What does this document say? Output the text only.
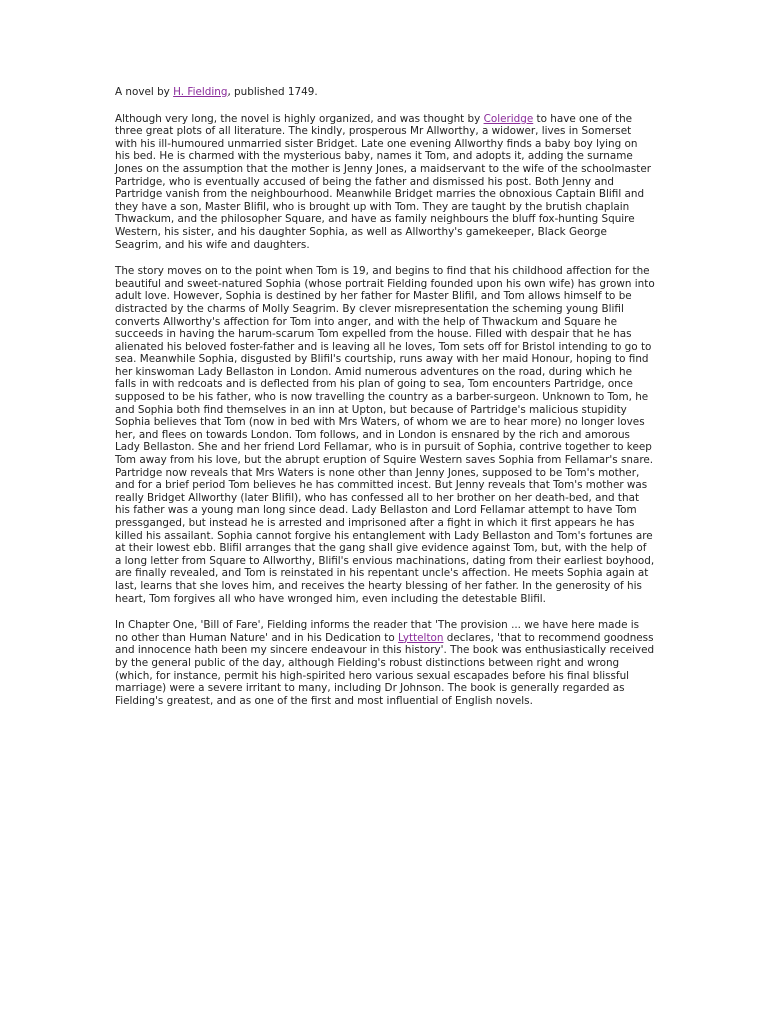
A novel by H. Fielding, published 1749.

Although very long, the novel is highly organized, and was thought by Coleridge to have one of the three great plots of all literature. The kindly, prosperous Mr Allworthy, a widower, lives in Somerset with his ill-humoured unmarried sister Bridget. Late one evening Allworthy finds a baby boy lying on his bed. He is charmed with the mysterious baby, names it Tom, and adopts it, adding the surname Jones on the assumption that the mother is Jenny Jones, a maidservant to the wife of the schoolmaster Partridge, who is eventually accused of being the father and dismissed his post. Both Jenny and Partridge vanish from the neighbourhood. Meanwhile Bridget marries the obnoxious Captain Blifil and they have a son, Master Blifil, who is brought up with Tom. They are taught by the brutish chaplain Thwackum, and the philosopher Square, and have as family neighbours the bluff fox-hunting Squire Western, his sister, and his daughter Sophia, as well as Allworthy's gamekeeper, Black George Seagrim, and his wife and daughters.

The story moves on to the point when Tom is 19, and begins to find that his childhood affection for the beautiful and sweet-natured Sophia (whose portrait Fielding founded upon his own wife) has grown into adult love. However, Sophia is destined by her father for Master Blifil, and Tom allows himself to be distracted by the charms of Molly Seagrim. By clever misrepresentation the scheming young Blifil converts Allworthy's affection for Tom into anger, and with the help of Thwackum and Square he succeeds in having the harum-scarum Tom expelled from the house. Filled with despair that he has alienated his beloved foster-father and is leaving all he loves, Tom sets off for Bristol intending to go to sea. Meanwhile Sophia, disgusted by Blifil's courtship, runs away with her maid Honour, hoping to find her kinswoman Lady Bellaston in London. Amid numerous adventures on the road, during which he falls in with redcoats and is deflected from his plan of going to sea, Tom encounters Partridge, once supposed to be his father, who is now travelling the country as a barber-surgeon. Unknown to Tom, he and Sophia both find themselves in an inn at Upton, but because of Partridge's malicious stupidity Sophia believes that Tom (now in bed with Mrs Waters, of whom we are to hear more) no longer loves her, and flees on towards London. Tom follows, and in London is ensnared by the rich and amorous Lady Bellaston. She and her friend Lord Fellamar, who is in pursuit of Sophia, contrive together to keep Tom away from his love, but the abrupt eruption of Squire Western saves Sophia from Fellamar's snare. Partridge now reveals that Mrs Waters is none other than Jenny Jones, supposed to be Tom's mother, and for a brief period Tom believes he has committed incest. But Jenny reveals that Tom's mother was really Bridget Allworthy (later Blifil), who has confessed all to her brother on her death-bed, and that his father was a young man long since dead. Lady Bellaston and Lord Fellamar attempt to have Tom pressganged, but instead he is arrested and imprisoned after a fight in which it first appears he has killed his assailant. Sophia cannot forgive his entanglement with Lady Bellaston and Tom's fortunes are at their lowest ebb. Blifil arranges that the gang shall give evidence against Tom, but, with the help of a long letter from Square to Allworthy, Blifil's envious machinations, dating from their earliest boyhood, are finally revealed, and Tom is reinstated in his repentant uncle's affection. He meets Sophia again at last, learns that she loves him, and receives the hearty blessing of her father. In the generosity of his heart, Tom forgives all who have wronged him, even including the detestable Blifil.

In Chapter One, 'Bill of Fare', Fielding informs the reader that 'The provision ... we have here made is no other than Human Nature' and in his Dedication to Lyttelton declares, 'that to recommend goodness and innocence hath been my sincere endeavour in this history'. The book was enthusiastically received by the general public of the day, although Fielding's robust distinctions between right and wrong (which, for instance, permit his high-spirited hero various sexual escapades before his final blissful marriage) were a severe irritant to many, including Dr Johnson. The book is generally regarded as Fielding's greatest, and as one of the first and most influential of English novels.
